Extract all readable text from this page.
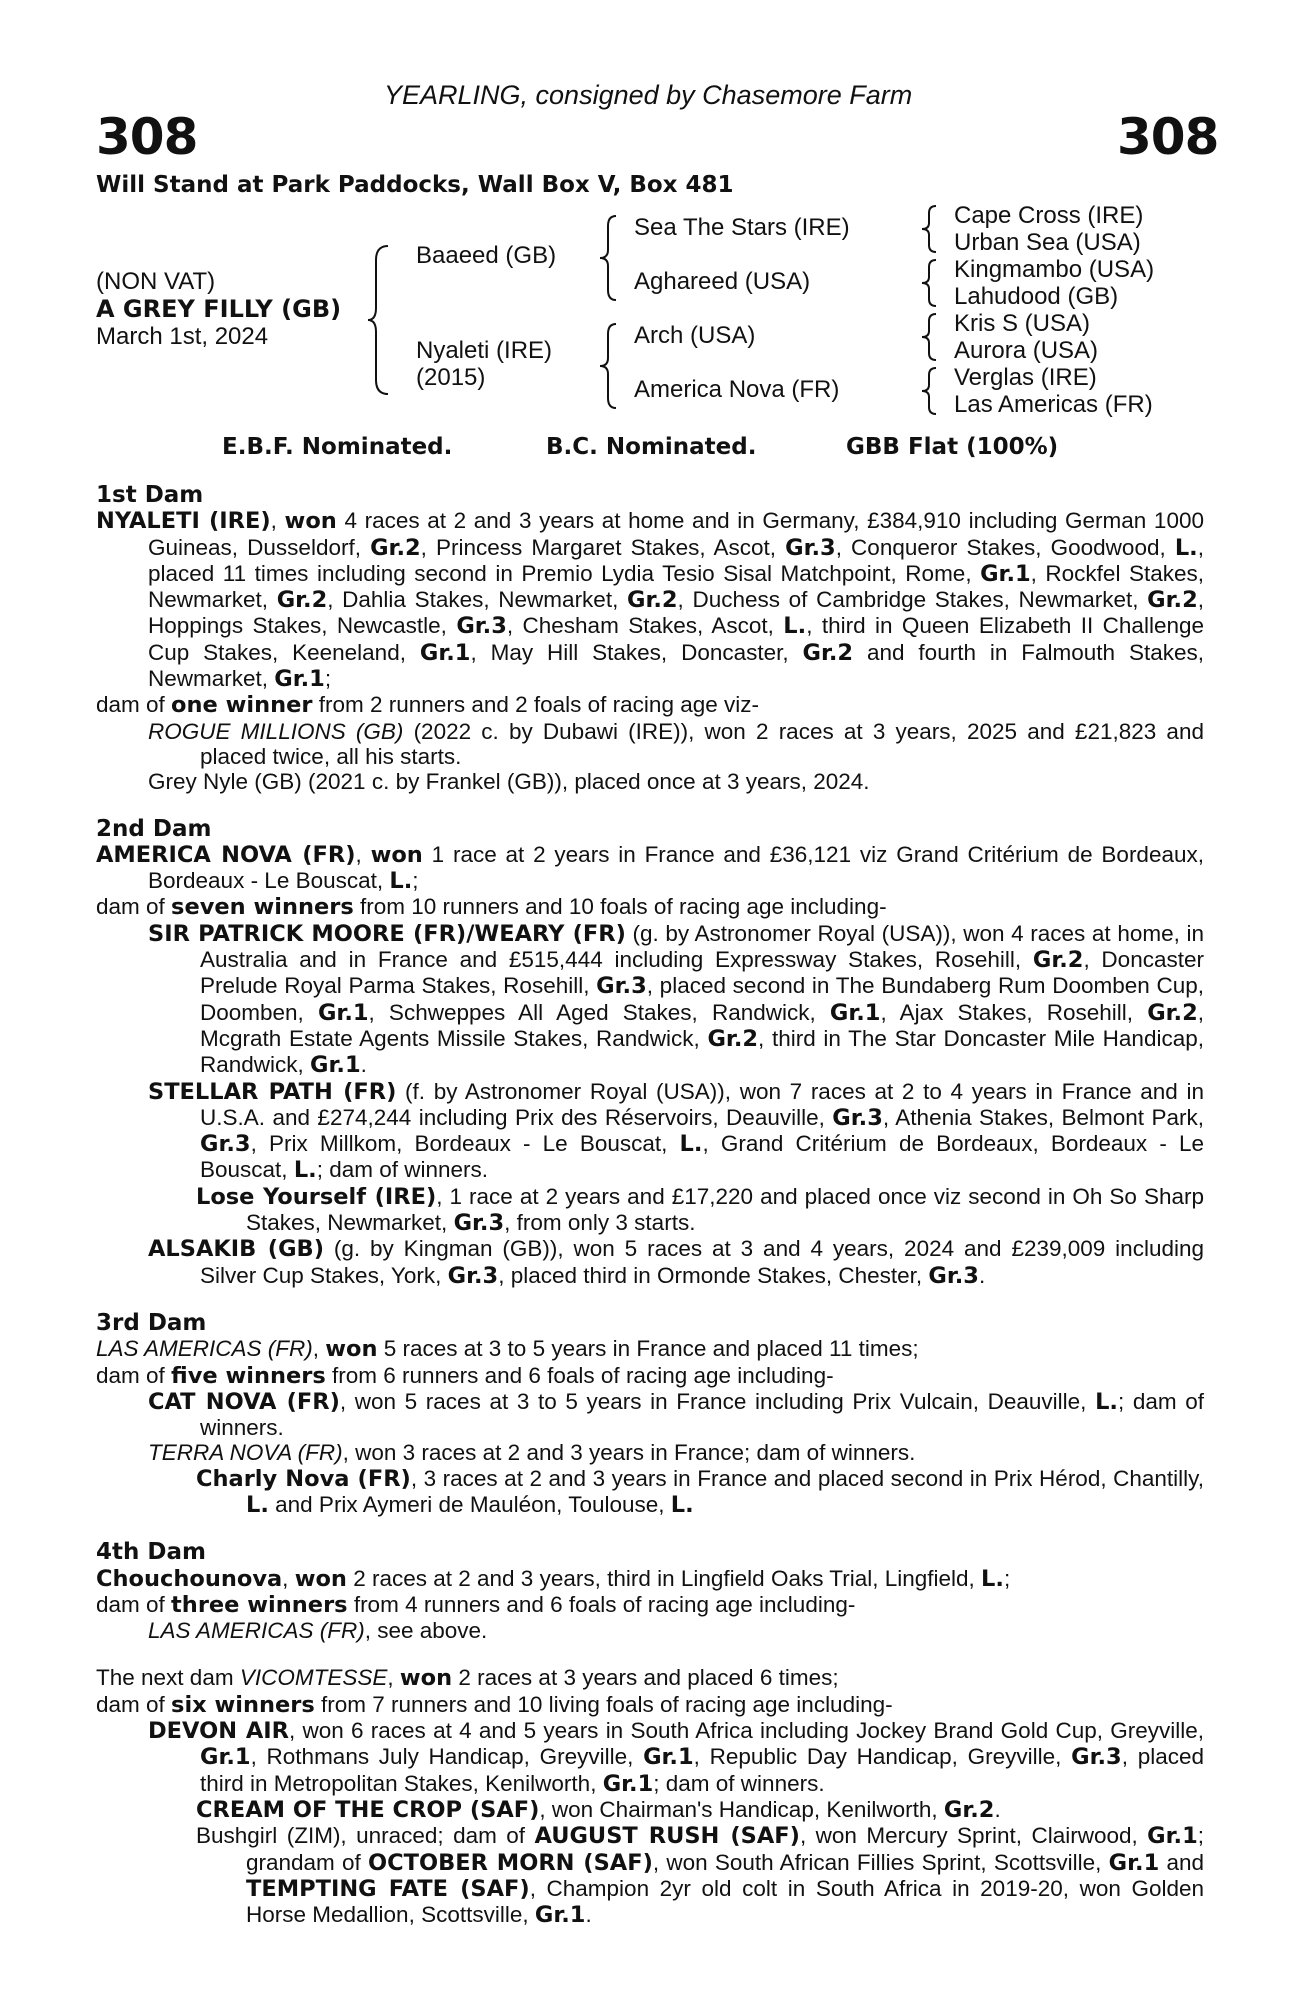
YEARLING, consigned by Chasemore Farm
308	308
Will Stand at Park Paddocks, Wall Box V, Box 481
(NON VAT)
A GREY FILLY (GB)
March 1st, 2024
Baaeed (GB)
Nyaleti (IRE)
(2015)
Sea The Stars (IRE)
Aghareed (USA)
Arch (USA)
America Nova (FR)
Cape Cross (IRE)
Urban Sea (USA)
Kingmambo (USA)
Lahudood (GB)
Kris S (USA)
Aurora (USA)
Verglas (IRE)
Las Americas (FR)
E.B.F. Nominated.	B.C. Nominated.	GBB Flat (100%)

1st Dam

NYALETI (IRE), won 4 races at 2 and 3 years at home and in Germany, £384,910 including German 1000 Guineas, Dusseldorf, Gr.2, Princess Margaret Stakes, Ascot, Gr.3, Conqueror Stakes, Goodwood, L., placed 11 times including second in Premio Lydia Tesio Sisal Matchpoint, Rome, Gr.1, Rockfel Stakes, Newmarket, Gr.2, Dahlia Stakes, Newmarket, Gr.2, Duchess of Cambridge Stakes, Newmarket, Gr.2, Hoppings Stakes, Newcastle, Gr.3, Chesham Stakes, Ascot, L., third in Queen Elizabeth II Challenge Cup Stakes, Keeneland, Gr.1, May Hill Stakes, Doncaster, Gr.2 and fourth in Falmouth Stakes, Newmarket, Gr.1;

dam of one winner from 2 runners and 2 foals of racing age viz-

ROGUE MILLIONS (GB) (2022 c. by Dubawi (IRE)), won 2 races at 3 years, 2025 and £21,823 and placed twice, all his starts.

Grey Nyle (GB) (2021 c. by Frankel (GB)), placed once at 3 years, 2024.

2nd Dam

AMERICA NOVA (FR), won 1 race at 2 years in France and £36,121 viz Grand Critérium de Bordeaux, Bordeaux - Le Bouscat, L.;

dam of seven winners from 10 runners and 10 foals of racing age including-

SIR PATRICK MOORE (FR)/WEARY (FR) (g. by Astronomer Royal (USA)), won 4 races at home, in Australia and in France and £515,444 including Expressway Stakes, Rosehill, Gr.2, Doncaster Prelude Royal Parma Stakes, Rosehill, Gr.3, placed second in The Bundaberg Rum Doomben Cup, Doomben, Gr.1, Schweppes All Aged Stakes, Randwick, Gr.1, Ajax Stakes, Rosehill, Gr.2, Mcgrath Estate Agents Missile Stakes, Randwick, Gr.2, third in The Star Doncaster Mile Handicap, Randwick, Gr.1.

STELLAR PATH (FR) (f. by Astronomer Royal (USA)), won 7 races at 2 to 4 years in France and in U.S.A. and £274,244 including Prix des Réservoirs, Deauville, Gr.3, Athenia Stakes, Belmont Park, Gr.3, Prix Millkom, Bordeaux - Le Bouscat, L., Grand Critérium de Bordeaux, Bordeaux - Le Bouscat, L.; dam of winners.

Lose Yourself (IRE), 1 race at 2 years and £17,220 and placed once viz second in Oh So Sharp Stakes, Newmarket, Gr.3, from only 3 starts.

ALSAKIB (GB) (g. by Kingman (GB)), won 5 races at 3 and 4 years, 2024 and £239,009 including Silver Cup Stakes, York, Gr.3, placed third in Ormonde Stakes, Chester, Gr.3.

3rd Dam

LAS AMERICAS (FR), won 5 races at 3 to 5 years in France and placed 11 times;

dam of five winners from 6 runners and 6 foals of racing age including-

CAT NOVA (FR), won 5 races at 3 to 5 years in France including Prix Vulcain, Deauville, L.; dam of winners.

TERRA NOVA (FR), won 3 races at 2 and 3 years in France; dam of winners.

Charly Nova (FR), 3 races at 2 and 3 years in France and placed second in Prix Hérod, Chantilly, L. and Prix Aymeri de Mauléon, Toulouse, L.

4th Dam

Chouchounova, won 2 races at 2 and 3 years, third in Lingfield Oaks Trial, Lingfield, L.;

dam of three winners from 4 runners and 6 foals of racing age including-

LAS AMERICAS (FR), see above.

The next dam VICOMTESSE, won 2 races at 3 years and placed 6 times;

dam of six winners from 7 runners and 10 living foals of racing age including-

DEVON AIR, won 6 races at 4 and 5 years in South Africa including Jockey Brand Gold Cup, Greyville, Gr.1, Rothmans July Handicap, Greyville, Gr.1, Republic Day Handicap, Greyville, Gr.3, placed third in Metropolitan Stakes, Kenilworth, Gr.1; dam of winners.

CREAM OF THE CROP (SAF), won Chairman's Handicap, Kenilworth, Gr.2.

Bushgirl (ZIM), unraced; dam of AUGUST RUSH (SAF), won Mercury Sprint, Clairwood, Gr.1; grandam of OCTOBER MORN (SAF), won South African Fillies Sprint, Scottsville, Gr.1 and TEMPTING FATE (SAF), Champion 2yr old colt in South Africa in 2019-20, won Golden Horse Medallion, Scottsville, Gr.1.
